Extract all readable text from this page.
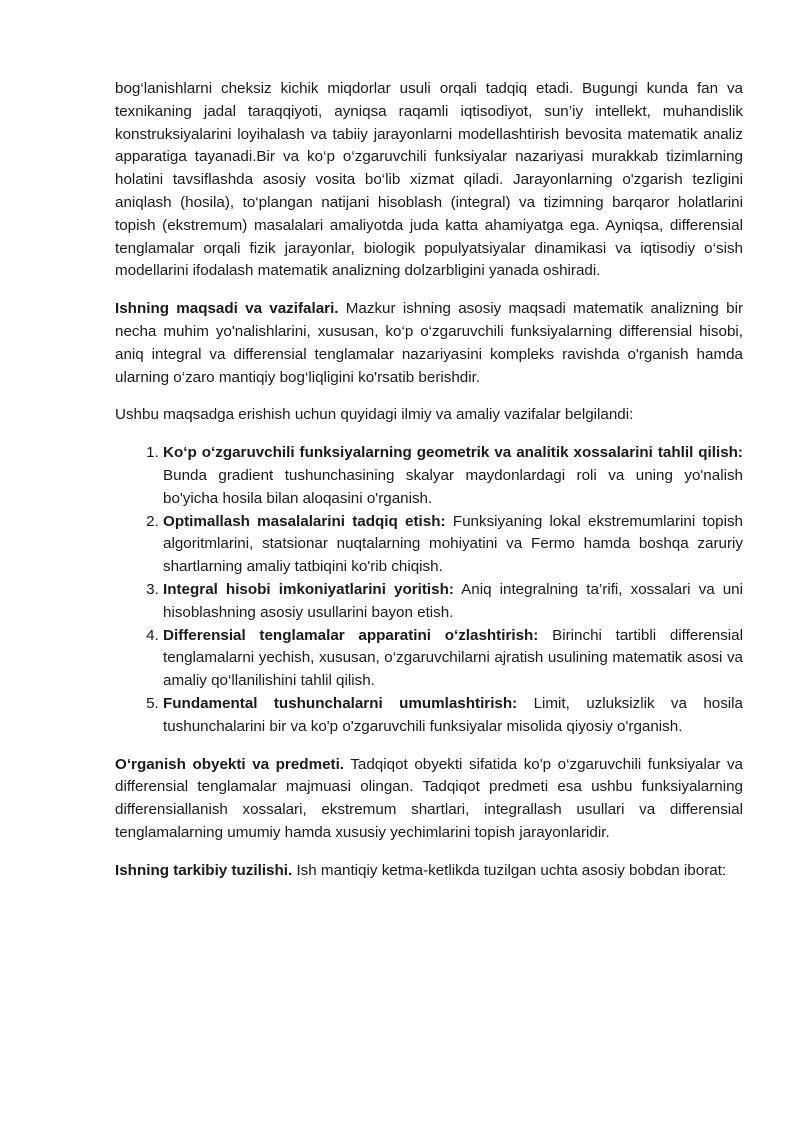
bog‘lanishlarni cheksiz kichik miqdorlar usuli orqali tadqiq etadi. Bugungi kunda fan va texnikaning jadal taraqqiyoti, ayniqsa raqamli iqtisodiyot, sun’iy intellekt, muhandislik konstruksiyalarini loyihalash va tabiiy jarayonlarni modellashtirish bevosita matematik analiz apparatiga tayanadi.Bir va ko‘p o‘zgaruvchili funksiyalar nazariyasi murakkab tizimlarning holatini tavsiflashda asosiy vosita bo‘lib xizmat qiladi. Jarayonlarning o'zgarish tezligini aniqlash (hosila), to‘plangan natijani hisoblash (integral) va tizimning barqaror holatlarini topish (ekstremum) masalalari amaliyotda juda katta ahamiyatga ega. Ayniqsa, differensial tenglamalar orqali fizik jarayonlar, biologik populyatsiyalar dinamikasi va iqtisodiy o‘sish modellarini ifodalash matematik analizning dolzarbligini yanada oshiradi.

Ishning maqsadi va vazifalari. Mazkur ishning asosiy maqsadi matematik analizning bir necha muhim yo'nalishlarini, xususan, ko‘p o‘zgaruvchili funksiyalarning differensial hisobi, aniq integral va differensial tenglamalar nazariyasini kompleks ravishda o'rganish hamda ularning o‘zaro mantiqiy bog‘liqligini ko'rsatib berishdir.

Ushbu maqsadga erishish uchun quyidagi ilmiy va amaliy vazifalar belgilandi:

1. Ko‘p o‘zgaruvchili funksiyalarning geometrik va analitik xossalarini tahlil qilish: Bunda gradient tushunchasining skalyar maydonlardagi roli va uning yo'nalish bo'yicha hosila bilan aloqasini o'rganish.
2. Optimallash masalalarini tadqiq etish: Funksiyaning lokal ekstremumlarini topish algoritmlarini, statsionar nuqtalarning mohiyatini va Fermo hamda boshqa zaruriy shartlarning amaliy tatbiqini ko'rib chiqish.
3. Integral hisobi imkoniyatlarini yoritish: Aniq integralning ta’rifi, xossalari va uni hisoblashning asosiy usullarini bayon etish.
4. Differensial tenglamalar apparatini o‘zlashtirish: Birinchi tartibli differensial tenglamalarni yechish, xususan, o‘zgaruvchilarni ajratish usulining matematik asosi va amaliy qo‘llanilishini tahlil qilish.
5. Fundamental tushunchalarni umumlashtirish: Limit, uzluksizlik va hosila tushunchalarini bir va ko'p o'zgaruvchili funksiyalar misolida qiyosiy o'rganish.

O‘rganish obyekti va predmeti. Tadqiqot obyekti sifatida ko'p o‘zgaruvchili funksiyalar va differensial tenglamalar majmuasi olingan. Tadqiqot predmeti esa ushbu funksiyalarning differensiallanish xossalari, ekstremum shartlari, integrallash usullari va differensial tenglamalarning umumiy hamda xususiy yechimlarini topish jarayonlaridir.

Ishning tarkibiy tuzilishi. Ish mantiqiy ketma-ketlikda tuzilgan uchta asosiy bobdan iborat:
